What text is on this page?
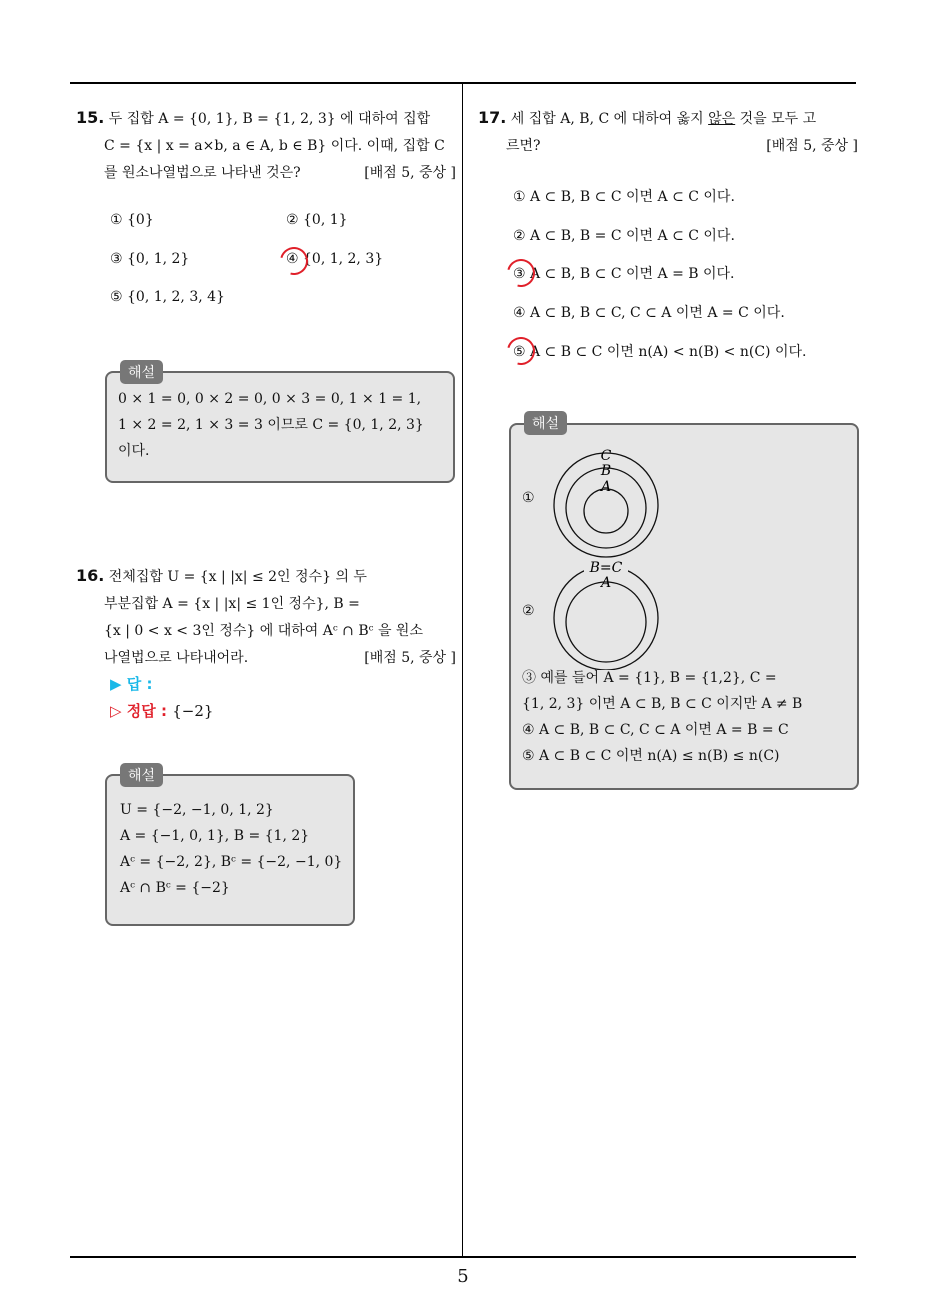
15. 두 집합 A = {0, 1}, B = {1, 2, 3} 에 대하여 집합

C = {x | x = a×b, a ∈ A, b ∈ B} 이다. 이때, 집합 C

를 원소나열법으로 나타낸 것은?	[배점 5, 중상 ]

① {0}	② {0, 1}
③ {0, 1, 2}	④ {0, 1, 2, 3}
⑤ {0, 1, 2, 3, 4}
해설

0 × 1 = 0, 0 × 2 = 0, 0 × 3 = 0, 1 × 1 = 1,

1 × 2 = 2, 1 × 3 = 3 이므로 C = {0, 1, 2, 3}

이다.

16. 전체집합 U = {x | |x| ≤ 2인 정수} 의 두

부분집합 A = {x | |x| ≤ 1인 정수}, B =

{x | 0 < x < 3인 정수} 에 대하여 Aᶜ ∩ Bᶜ 을 원소

나열법으로 나타내어라.	[배점 5, 중상 ]

▶ 답 :
▷ 정답 : {−2}
해설

U = {−2, −1, 0, 1, 2}

A = {−1, 0, 1}, B = {1, 2}

Aᶜ = {−2, 2}, Bᶜ = {−2, −1, 0}

Aᶜ ∩ Bᶜ = {−2}

17. 세 집합 A, B, C 에 대하여 옳지 않은 것을 모두 고

르면?	[배점 5, 중상 ]

① A ⊂ B, B ⊂ C 이면 A ⊂ C 이다.
② A ⊂ B, B = C 이면 A ⊂ C 이다.
③ A ⊂ B, B ⊂ C 이면 A = B 이다.
④ A ⊂ B, B ⊂ C, C ⊂ A 이면 A = C 이다.
⑤ A ⊂ B ⊂ C 이면 n(A) < n(B) < n(C) 이다.
해설
①
C
B
A
②
B=C
A

③ 예를 들어 A = {1}, B = {1,2}, C =

{1, 2, 3} 이면 A ⊂ B, B ⊂ C 이지만 A ≠ B

④ A ⊂ B, B ⊂ C, C ⊂ A 이면 A = B = C

⑤ A ⊂ B ⊂ C 이면 n(A) ≤ n(B) ≤ n(C)

5
